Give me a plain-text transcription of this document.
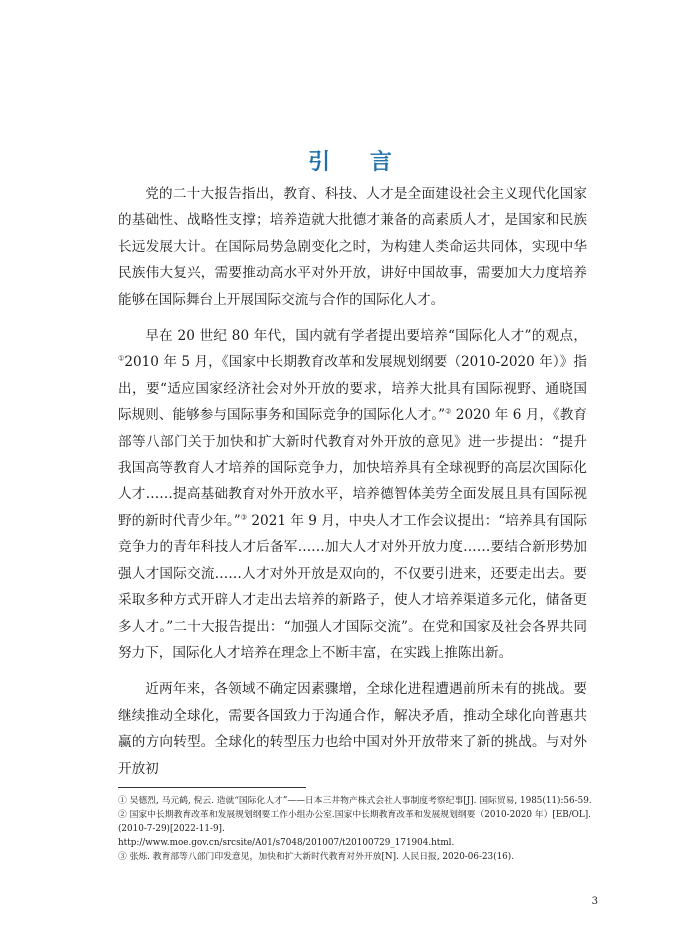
引 言

党的二十大报告指出，教育、科技、人才是全面建设社会主义现代化国家的基础性、战略性支撑；培养造就大批德才兼备的高素质人才，是国家和民族长远发展大计。在国际局势急剧变化之时，为构建人类命运共同体，实现中华民族伟大复兴，需要推动高水平对外开放，讲好中国故事，需要加大力度培养能够在国际舞台上开展国际交流与合作的国际化人才。

早在 20 世纪 80 年代，国内就有学者提出要培养“国际化人才”的观点，①2010 年 5 月，《国家中长期教育改革和发展规划纲要（2010-2020 年）》指出，要“适应国家经济社会对外开放的要求，培养大批具有国际视野、通晓国际规则、能够参与国际事务和国际竞争的国际化人才。”② 2020 年 6 月，《教育部等八部门关于加快和扩大新时代教育对外开放的意见》进一步提出：“提升我国高等教育人才培养的国际竞争力，加快培养具有全球视野的高层次国际化人才……提高基础教育对外开放水平，培养德智体美劳全面发展且具有国际视野的新时代青少年。”③ 2021 年 9 月，中央人才工作会议提出：“培养具有国际竞争力的青年科技人才后备军……加大人才对外开放力度……要结合新形势加强人才国际交流……人才对外开放是双向的，不仅要引进来，还要走出去。要采取多种方式开辟人才走出去培养的新路子，使人才培养渠道多元化，储备更多人才。”二十大报告提出：“加强人才国际交流”。在党和国家及社会各界共同努力下，国际化人才培养在理念上不断丰富，在实践上推陈出新。

近两年来，各领域不确定因素骤增，全球化进程遭遇前所未有的挑战。要继续推动全球化，需要各国致力于沟通合作，解决矛盾，推动全球化向普惠共赢的方向转型。全球化的转型压力也给中国对外开放带来了新的挑战。与对外开放初

① 吴德烈, 马元鹤, 倪云. 造就“国际化人才”——日本三井物产株式会社人事制度考察纪事[J]. 国际贸易, 1985(11):56-59.

② 国家中长期教育改革和发展规划纲要工作小组办公室.国家中长期教育改革和发展规划纲要（2010-2020 年）[EB/OL]. (2010-7-29)[2022-11-9].

http://www.moe.gov.cn/srcsite/A01/s7048/201007/t20100729_171904.html.

③ 张烁. 教育部等八部门印发意见，加快和扩大新时代教育对外开放[N]. 人民日报, 2020-06-23(16).

3
